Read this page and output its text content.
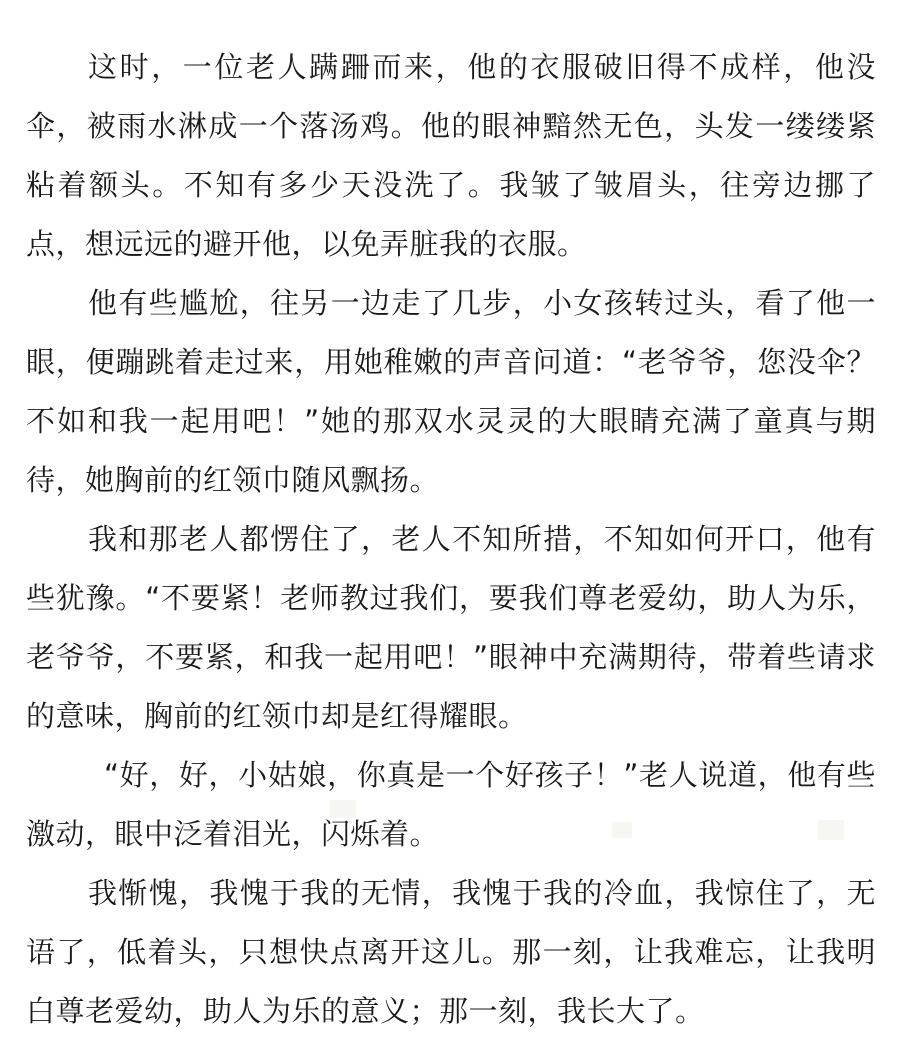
这时，一位老人蹒跚而来，他的衣服破旧得不成样，他没伞，被雨水淋成一个落汤鸡。他的眼神黯然无色，头发一缕缕紧粘着额头。不知有多少天没洗了。我皱了皱眉头，往旁边挪了点，想远远的避开他，以免弄脏我的衣服。

他有些尴尬，往另一边走了几步，小女孩转过头，看了他一眼，便蹦跳着走过来，用她稚嫩的声音问道：“老爷爷，您没伞？不如和我一起用吧！”她的那双水灵灵的大眼睛充满了童真与期待，她胸前的红领巾随风飘扬。

我和那老人都愣住了，老人不知所措，不知如何开口，他有些犹豫。“不要紧！老师教过我们，要我们尊老爱幼，助人为乐，老爷爷，不要紧，和我一起用吧！”眼神中充满期待，带着些请求的意味，胸前的红领巾却是红得耀眼。

“好，好，小姑娘，你真是一个好孩子！”老人说道，他有些激动，眼中泛着泪光，闪烁着。

我惭愧，我愧于我的无情，我愧于我的冷血，我惊住了，无语了，低着头，只想快点离开这儿。那一刻，让我难忘，让我明白尊老爱幼，助人为乐的意义；那一刻，我长大了。
